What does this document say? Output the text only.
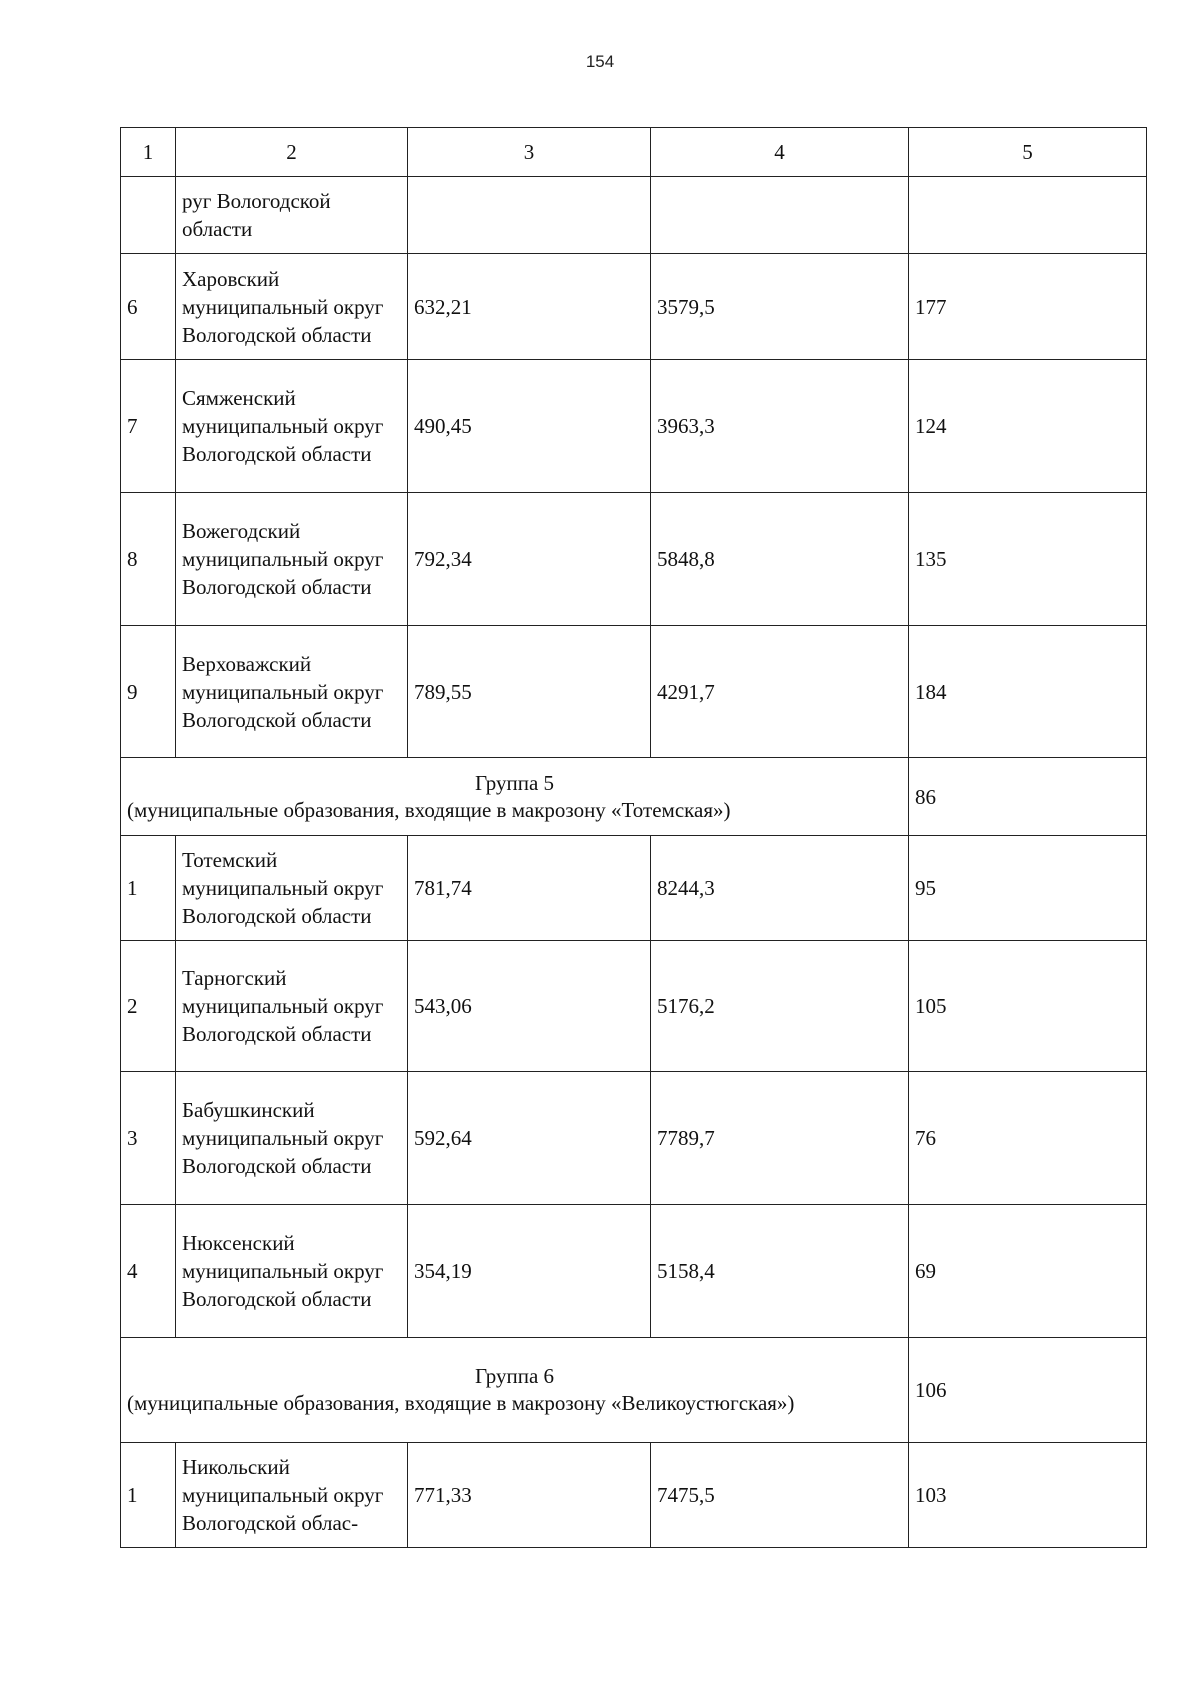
154
1	2	3	4	5
	руг Вологодской области			
6	Харовский муниципальный округ Вологодской области	632,21	3579,5	177
7	Сямженский муниципальный округ Вологодской области	490,45	3963,3	124
8	Вожегодский муниципальный округ Вологодской области	792,34	5848,8	135
9	Верховажский муниципальный округ Вологодской области	789,55	4291,7	184

Группа 5
(муниципальные образования, входящие в макрозону «Тотемская»)				86
1	Тотемский муниципальный округ Вологодской области	781,74	8244,3	95
2	Тарногский муниципальный округ Вологодской области	543,06	5176,2	105
3	Бабушкинский муниципальный округ Вологодской области	592,64	7789,7	76
4	Нюксенский муниципальный округ Вологодской области	354,19	5158,4	69

Группа 6
(муниципальные образования, входящие в макрозону «Великоустюгская»)				106
1	Никольский муниципальный округ Вологодской облас-	771,33	7475,5	103
